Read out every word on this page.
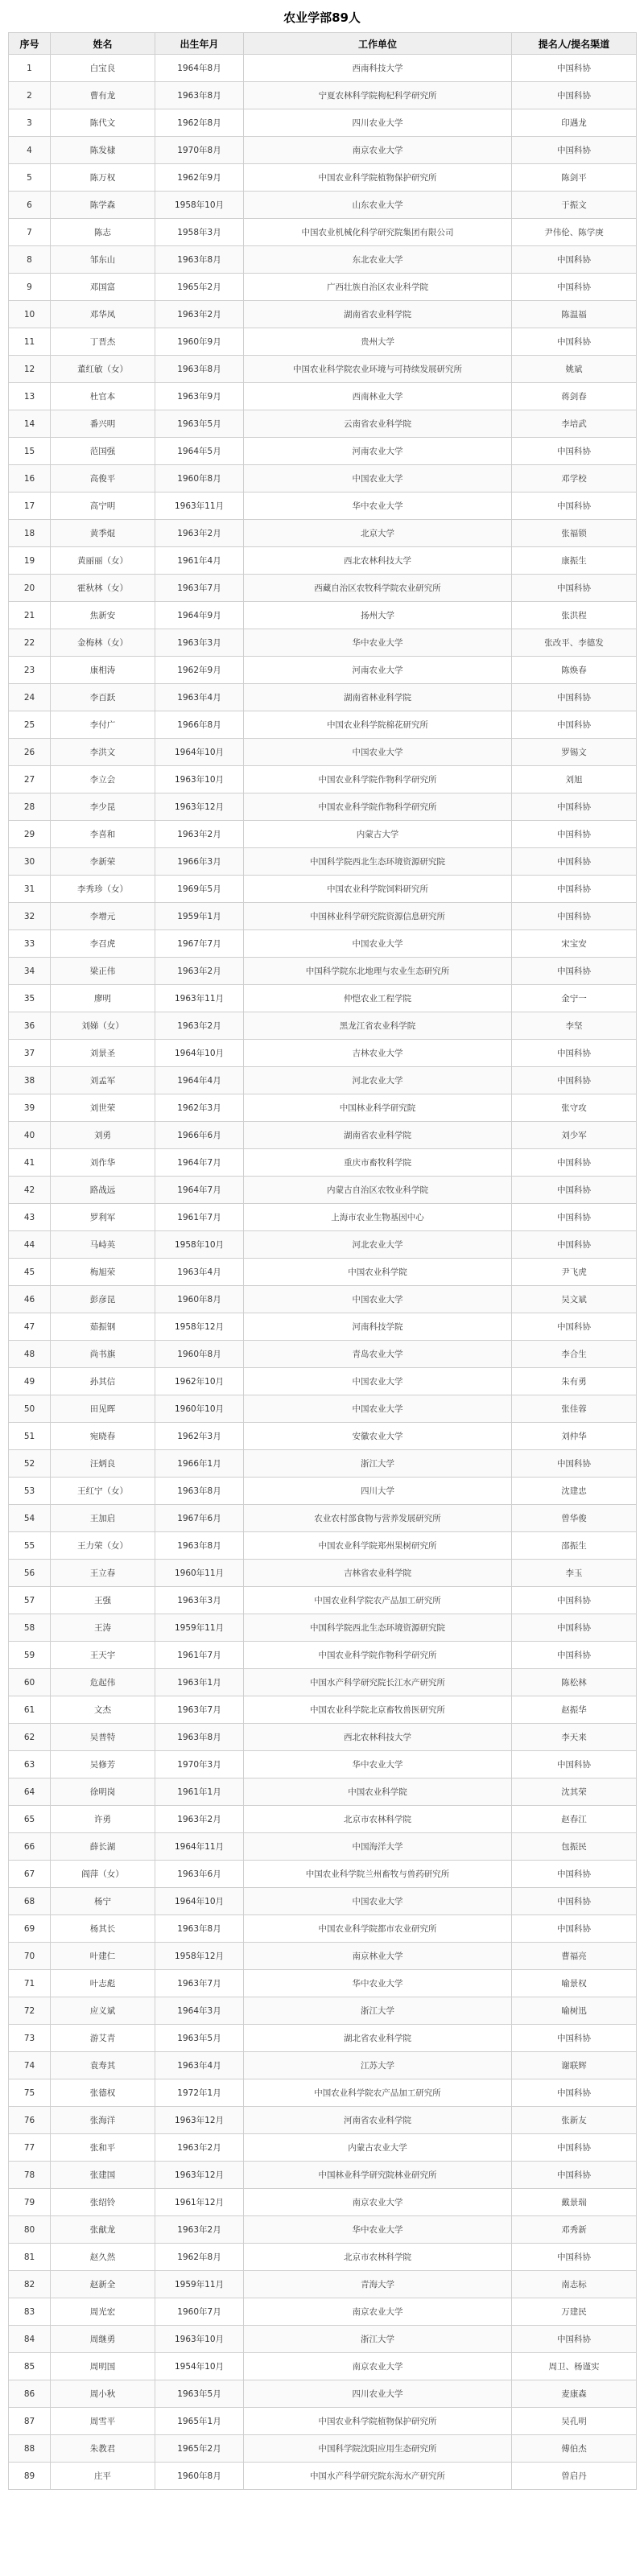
农业学部89人
序号	姓名	出生年月	工作单位	提名人/提名渠道
1	白宝良	1964年8月	西南科技大学	中国科协
2	曹有龙	1963年8月	宁夏农林科学院枸杞科学研究所	中国科协
3	陈代文	1962年8月	四川农业大学	印遇龙
4	陈发棣	1970年8月	南京农业大学	中国科协
5	陈万权	1962年9月	中国农业科学院植物保护研究所	陈剑平
6	陈学森	1958年10月	山东农业大学	于振文
7	陈志	1958年3月	中国农业机械化科学研究院集团有限公司	尹伟伦、陈学庚
8	邹东山	1963年8月	东北农业大学	中国科协
9	邓国富	1965年2月	广西壮族自治区农业科学院	中国科协
10	邓华凤	1963年2月	湖南省农业科学院	陈温福
11	丁晋杰	1960年9月	贵州大学	中国科协
12	董红敏（女）	1963年8月	中国农业科学院农业环境与可持续发展研究所	姚斌
13	杜官本	1963年9月	西南林业大学	蒋剑春
14	番兴明	1963年5月	云南省农业科学院	李培武
15	范国强	1964年5月	河南农业大学	中国科协
16	高俊平	1960年8月	中国农业大学	邓学校
17	高宁明	1963年11月	华中农业大学	中国科协
18	黄季焜	1963年2月	北京大学	张福锁
19	黄丽丽（女）	1961年4月	西北农林科技大学	康振生
20	霍秋林（女）	1963年7月	西藏自治区农牧科学院农业研究所	中国科协
21	焦新安	1964年9月	扬州大学	张洪程
22	金梅林（女）	1963年3月	华中农业大学	张改平、李德发
23	康相涛	1962年9月	河南农业大学	陈焕春
24	李百跃	1963年4月	湖南省林业科学院	中国科协
25	李付广	1966年8月	中国农业科学院棉花研究所	中国科协
26	李洪文	1964年10月	中国农业大学	罗锡文
27	李立会	1963年10月	中国农业科学院作物科学研究所	刘旭
28	李少昆	1963年12月	中国农业科学院作物科学研究所	中国科协
29	李喜和	1963年2月	内蒙古大学	中国科协
30	李新荣	1966年3月	中国科学院西北生态环境资源研究院	中国科协
31	李秀珍（女）	1969年5月	中国农业科学院饲料研究所	中国科协
32	李增元	1959年1月	中国林业科学研究院资源信息研究所	中国科协
33	李召虎	1967年7月	中国农业大学	宋宝安
34	梁正伟	1963年2月	中国科学院东北地理与农业生态研究所	中国科协
35	廖明	1963年11月	仲恺农业工程学院	金宁一
36	刘娣（女）	1963年2月	黑龙江省农业科学院	李坚
37	刘景圣	1964年10月	吉林农业大学	中国科协
38	刘孟军	1964年4月	河北农业大学	中国科协
39	刘世荣	1962年3月	中国林业科学研究院	张守攻
40	刘勇	1966年6月	湖南省农业科学院	刘少军
41	刘作华	1964年7月	重庆市畜牧科学院	中国科协
42	路战远	1964年7月	内蒙古自治区农牧业科学院	中国科协
43	罗利军	1961年7月	上海市农业生物基因中心	中国科协
44	马峙英	1958年10月	河北农业大学	中国科协
45	梅旭荣	1963年4月	中国农业科学院	尹飞虎
46	彭彦昆	1960年8月	中国农业大学	吴文斌
47	茹振钢	1958年12月	河南科技学院	中国科协
48	尚书旗	1960年8月	青岛农业大学	李合生
49	孙其信	1962年10月	中国农业大学	朱有勇
50	田见晖	1960年10月	中国农业大学	张佳蓉
51	宛晓春	1962年3月	安徽农业大学	刘仲华
52	汪炳良	1966年1月	浙江大学	中国科协
53	王红宁（女）	1963年8月	四川大学	沈建忠
54	王加启	1967年6月	农业农村部食物与营养发展研究所	曾华俊
55	王力荣（女）	1963年8月	中国农业科学院郑州果树研究所	邵振生
56	王立春	1960年11月	吉林省农业科学院	李玉
57	王强	1963年3月	中国农业科学院农产品加工研究所	中国科协
58	王涛	1959年11月	中国科学院西北生态环境资源研究院	中国科协
59	王天宇	1961年7月	中国农业科学院作物科学研究所	中国科协
60	危起伟	1963年1月	中国水产科学研究院长江水产研究所	陈松林
61	文杰	1963年7月	中国农业科学院北京畜牧兽医研究所	赵振华
62	吴普特	1963年8月	西北农林科技大学	李天来
63	吴修芳	1970年3月	华中农业大学	中国科协
64	徐明岗	1961年1月	中国农业科学院	沈其荣
65	许勇	1963年2月	北京市农林科学院	赵春江
66	薛长湖	1964年11月	中国海洋大学	包振民
67	阎萍（女）	1963年6月	中国农业科学院兰州畜牧与兽药研究所	中国科协
68	杨宁	1964年10月	中国农业大学	中国科协
69	杨其长	1963年8月	中国农业科学院都市农业研究所	中国科协
70	叶建仁	1958年12月	南京林业大学	曹福亮
71	叶志彪	1963年7月	华中农业大学	喻景权
72	应义斌	1964年3月	浙江大学	喻树迅
73	游艾青	1963年5月	湖北省农业科学院	中国科协
74	袁寿其	1963年4月	江苏大学	谢联辉
75	张德权	1972年1月	中国农业科学院农产品加工研究所	中国科协
76	张海洋	1963年12月	河南省农业科学院	张新友
77	张和平	1963年2月	内蒙古农业大学	中国科协
78	张建国	1963年12月	中国林业科学研究院林业研究所	中国科协
79	张绍铃	1961年12月	南京农业大学	戴景瑞
80	张献龙	1963年2月	华中农业大学	邓秀新
81	赵久然	1962年8月	北京市农林科学院	中国科协
82	赵新全	1959年11月	青海大学	南志标
83	周光宏	1960年7月	南京农业大学	万建民
84	周继勇	1963年10月	浙江大学	中国科协
85	周明国	1954年10月	南京农业大学	周卫、杨谨实
86	周小秋	1963年5月	四川农业大学	麦康森
87	周雪平	1965年1月	中国农业科学院植物保护研究所	吴孔明
88	朱教君	1965年2月	中国科学院沈阳应用生态研究所	傅伯杰
89	庄平	1960年8月	中国水产科学研究院东海水产研究所	曾启丹
